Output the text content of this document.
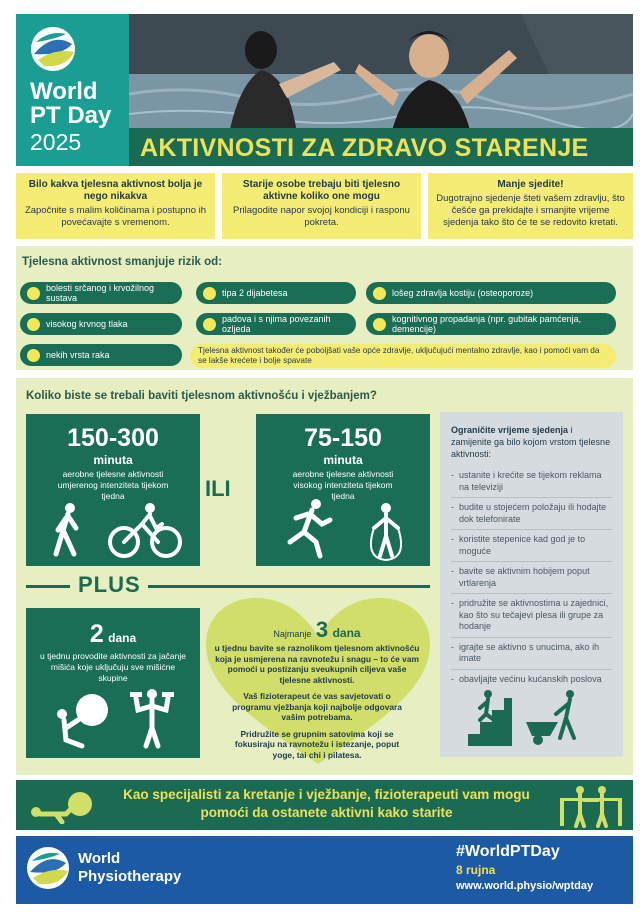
World
PT Day
2025 AKTIVNOSTI ZA ZDRAVO STARENJE
Bilo kakva tjelesna aktivnost bolja je nego nikakva
Započnite s malim količinama i postupno ih povećavajte s vremenom.
Starije osobe trebaju biti tjelesno aktivne koliko one mogu
Prilagodite napor svojoj kondiciji i rasponu pokreta.
Manje sjedite!
Dugotrajno sjedenje šteti vašem zdravlju, što češće ga prekidajte i smanjite vrijeme sjedenja tako što će te se redovito kretati.
Tjelesna aktivnost smanjuje rizik od:
bolesti srčanog i krvožilnog sustava	tipa 2 dijabetesa	lošeg zdravlja kostiju (osteoporoze)
visokog krvnog tlaka	padova i s njima povezanih ozljeda
kognitivnog propadanja (npr. gubitak pamćenja, demencije)
nekih vrsta raka	Tjelesna aktivnost također će poboljšati vaše opće zdravlje, uključujući mentalno zdravlje, kao i pomoći vam da se lakše krećete i bolje spavate
Koliko biste se trebali baviti tjelesnom aktivnošću i vježbanjem?
150-300
minuta
aerobne tjelesne aktivnosti umjerenog intenziteta tijekom tjedna	ILI
75-150
minuta
aerobne tjelesne aktivnosti visokog intenziteta tijekom tjedna
PLUS
2 dana
u tjednu provodite aktivnosti za jačanje mišića koje uključuju sve mišićne skupine
Najmanje 3 dana
u tjednu bavite se raznolikom tjelesnom aktivnošću koja je usmjerena na ravnotežu i snagu – to će vam pomoći u postizanju sveukupnih ciljeva vaše tjelesne aktivnosti.
Vaš fizioterapeut će vas savjetovati o programu vježbanja koji najbolje odgovara vašim potrebama.
Pridružite se grupnim satovima koji se fokusiraju na ravnotežu i istezanje, poput yoge, tai chi i pilatesa.
Ograničite vrijeme sjedenja i zamijenite ga bilo kojom vrstom tjelesne aktivnosti:
- ustanite i krećite se tijekom reklama na televiziji
- budite u stojećem položaju ili hodajte dok telefonirate
- koristite stepenice kad god je to moguće
- bavite se aktivnim hobijem poput vrtlarenja
- pridružite se aktivnostima u zajednici, kao što su tečajevi plesa ili grupe za hodanje
- igrajte se aktivno s unucima, ako ih imate
- obavljajte većinu kućanskih poslova
Kao specijalisti za kretanje i vježbanje, fizioterapeuti vam mogu pomoći da ostanete aktivni kako starite
World
Physiotherapy
#WorldPTDay
8 rujna
www.world.physio/wptday
